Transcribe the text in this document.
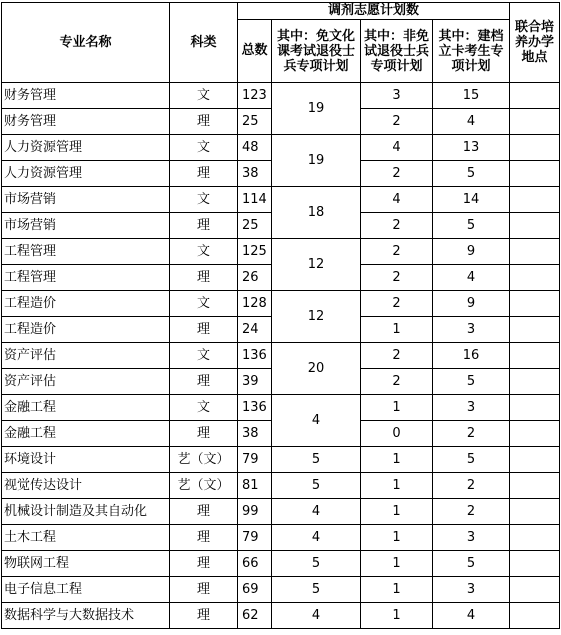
专业名称	科类	调剂志愿计划数				联合培养办学地点
		总数	其中：免文化课考试退役士兵专项计划	其中：非免试退役士兵专项计划	其中：建档立卡考生专项计划	
财务管理	文	123	19	3	15	
财务管理	理	25		2	4	
人力资源管理	文	48	19	4	13	
人力资源管理	理	38		2	5	
市场营销	文	114	18	4	14	
市场营销	理	25		2	5	
工程管理	文	125	12	2	9	
工程管理	理	26		2	4	
工程造价	文	128	12	2	9	
工程造价	理	24		1	3	
资产评估	文	136	20	2	16	
资产评估	理	39		2	5	
金融工程	文	136	4	1	3	
金融工程	理	38		0	2	
环境设计	艺（文）	79	5	1	5	
视觉传达设计	艺（文）	81	5	1	2	
机械设计制造及其自动化	理	99	4	1	2	
土木工程	理	79	4	1	3	
物联网工程	理	66	5	1	5	
电子信息工程	理	69	5	1	3	
数据科学与大数据技术	理	62	4	1	4	
